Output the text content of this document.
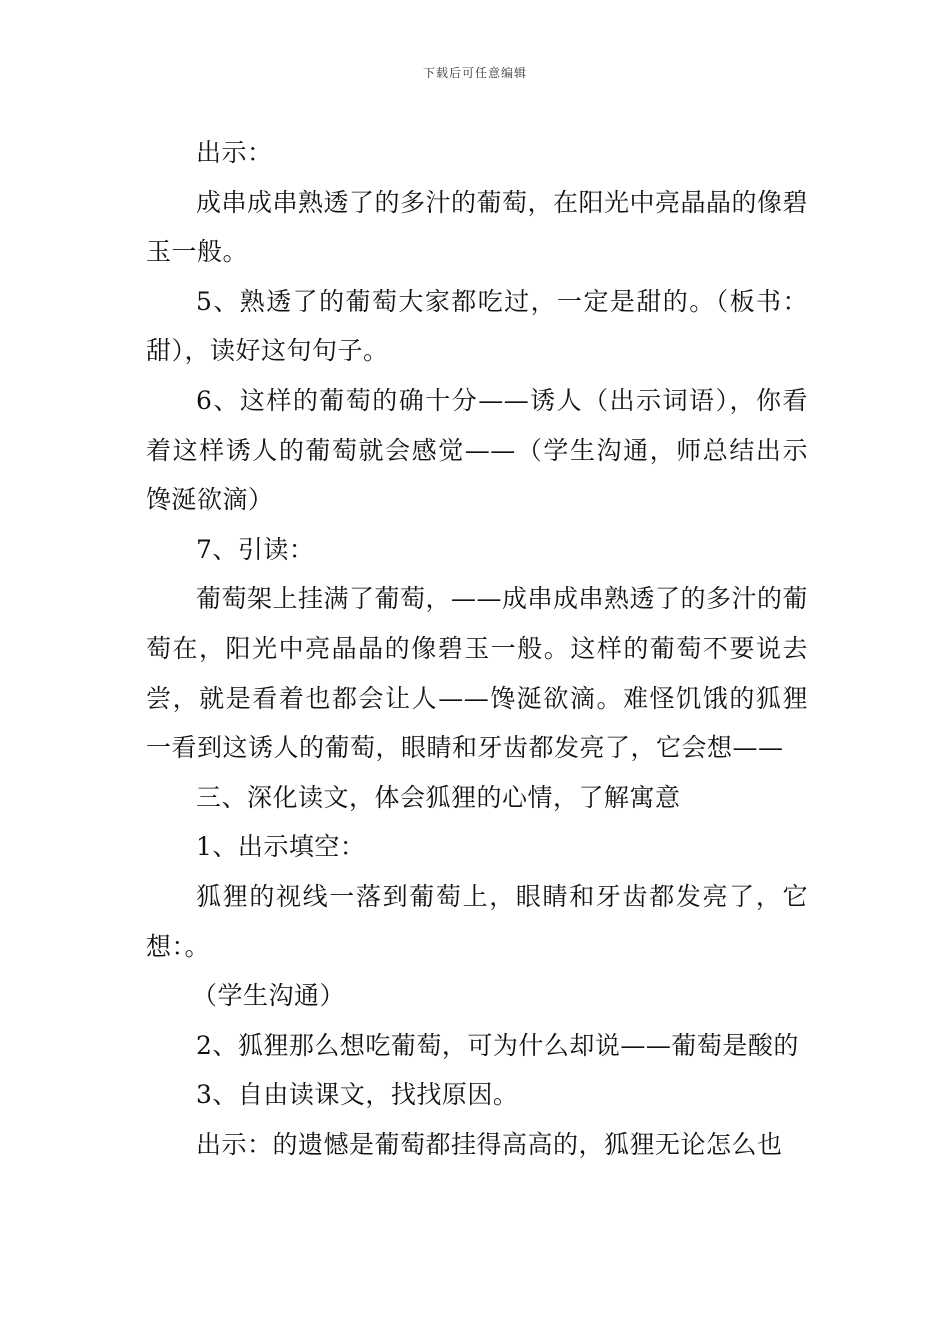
下载后可任意编辑

出示：

成串成串熟透了的多汁的葡萄，在阳光中亮晶晶的像碧玉一般。

5、熟透了的葡萄大家都吃过，一定是甜的。（板书：甜），读好这句句子。

6、这样的葡萄的确十分——诱人（出示词语），你看着这样诱人的葡萄就会感觉——（学生沟通，师总结出示馋涎欲滴）

7、引读：

葡萄架上挂满了葡萄，——成串成串熟透了的多汁的葡萄在，阳光中亮晶晶的像碧玉一般。这样的葡萄不要说去尝，就是看着也都会让人——馋涎欲滴。难怪饥饿的狐狸一看到这诱人的葡萄，眼睛和牙齿都发亮了，它会想——

三、深化读文，体会狐狸的心情，了解寓意

1、出示填空：

狐狸的视线一落到葡萄上，眼睛和牙齿都发亮了，它想：。

（学生沟通）

2、狐狸那么想吃葡萄，可为什么却说——葡萄是酸的

3、自由读课文，找找原因。

出示：的遗憾是葡萄都挂得高高的，狐狸无论怎么也
